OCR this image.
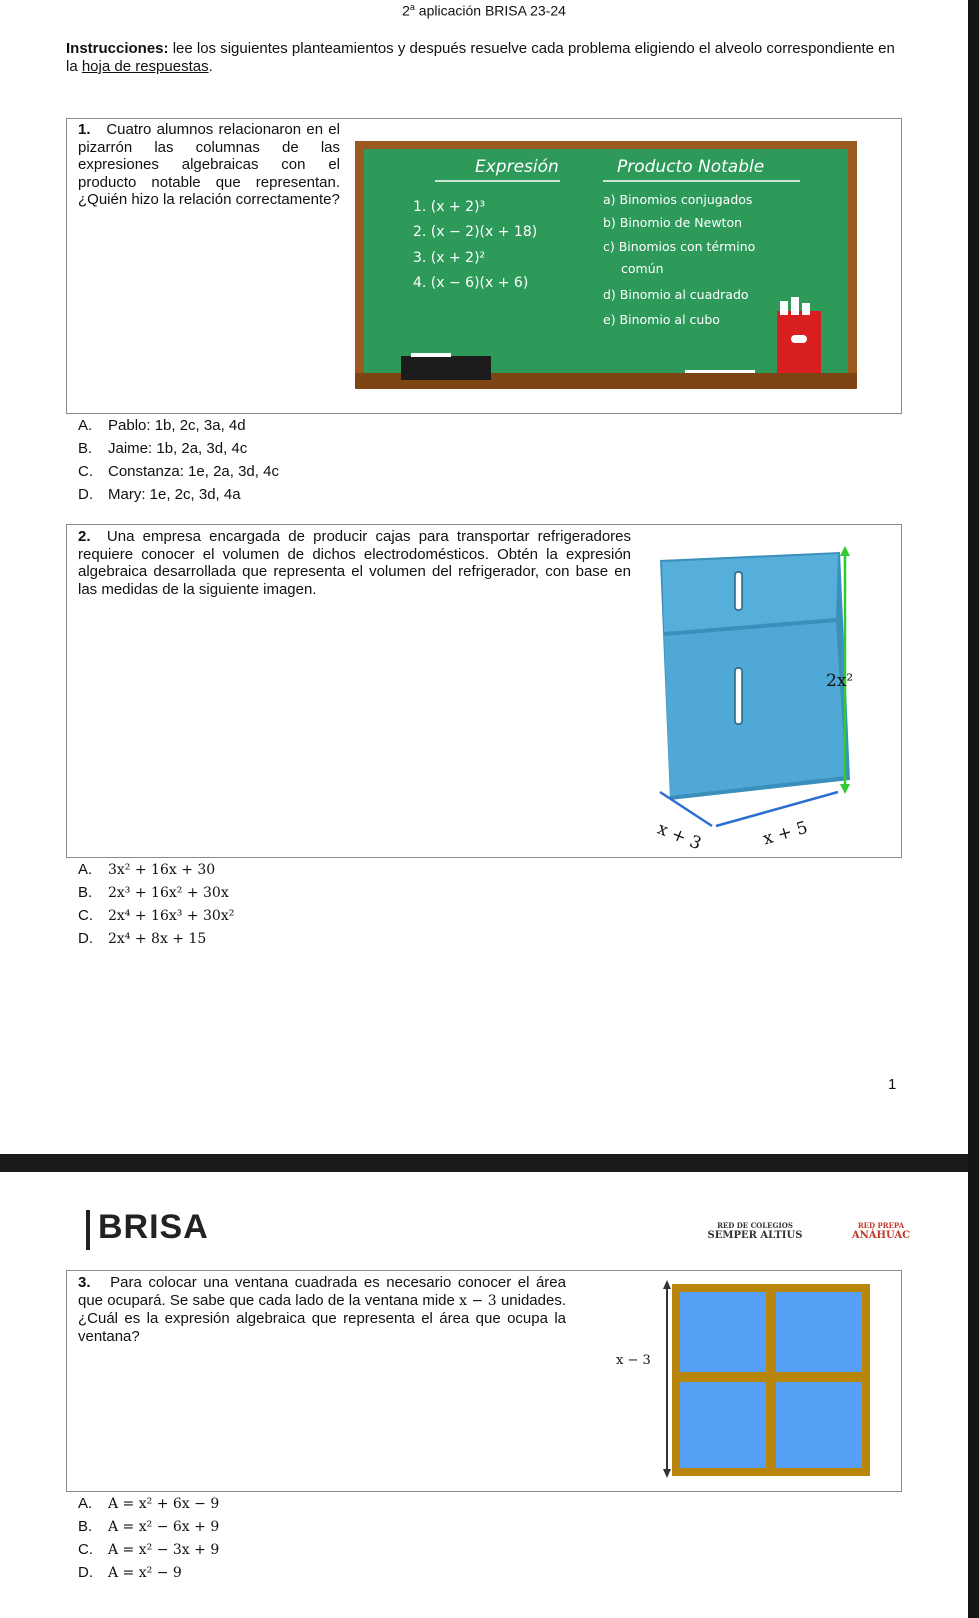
2$^a$ aplicación BRISA 23-24
Instrucciones: lee los siguientes planteamientos y después resuelve cada problema eligiendo el alveolo correspondiente en la hoja de respuestas.
1. Cuatro alumnos relacionaron en el pizarrón las columnas de las expresiones algebraicas con el producto notable que representan. ¿Quién hizo la relación correctamente?
Expresión	Producto Notable
1. (x + 2)³
2. (x − 2)(x + 18)
3. (x + 2)²
4. (x − 6)(x + 6)
a) Binomios conjugados
b) Binomio de Newton
c) Binomios con término
común
d) Binomio al cuadrado
e) Binomio al cubo
A. Pablo: 1b, 2c, 3a, 4d
B. Jaime: 1b, 2a, 3d, 4c
C. Constanza: 1e, 2a, 3d, 4c
D. Mary: 1e, 2c, 3d, 4a
2. Una empresa encargada de producir cajas para transportar refrigeradores requiere conocer el volumen de dichos electrodomésticos. Obtén la expresión algebraica desarrollada que representa el volumen del refrigerador, con base en las medidas de la siguiente imagen.
2x²
x + 3	x + 5
A. 3x² + 16x + 30
B. 2x³ + 16x² + 30x
C. 2x⁴ + 16x³ + 30x²
D. 2x⁴ + 8x + 15
1
BRISA	RED DE COLEGIOS
SEMPER ALTIUS
RED PREPA
ANÁHUAC
3. Para colocar una ventana cuadrada es necesario conocer el área que ocupará. Se sabe que cada lado de la ventana mide x − 3 unidades. ¿Cuál es la expresión algebraica que representa el área que ocupa la ventana?
x − 3
A. A = x² + 6x − 9
B. A = x² − 6x + 9
C. A = x² − 3x + 9
D. A = x² − 9
